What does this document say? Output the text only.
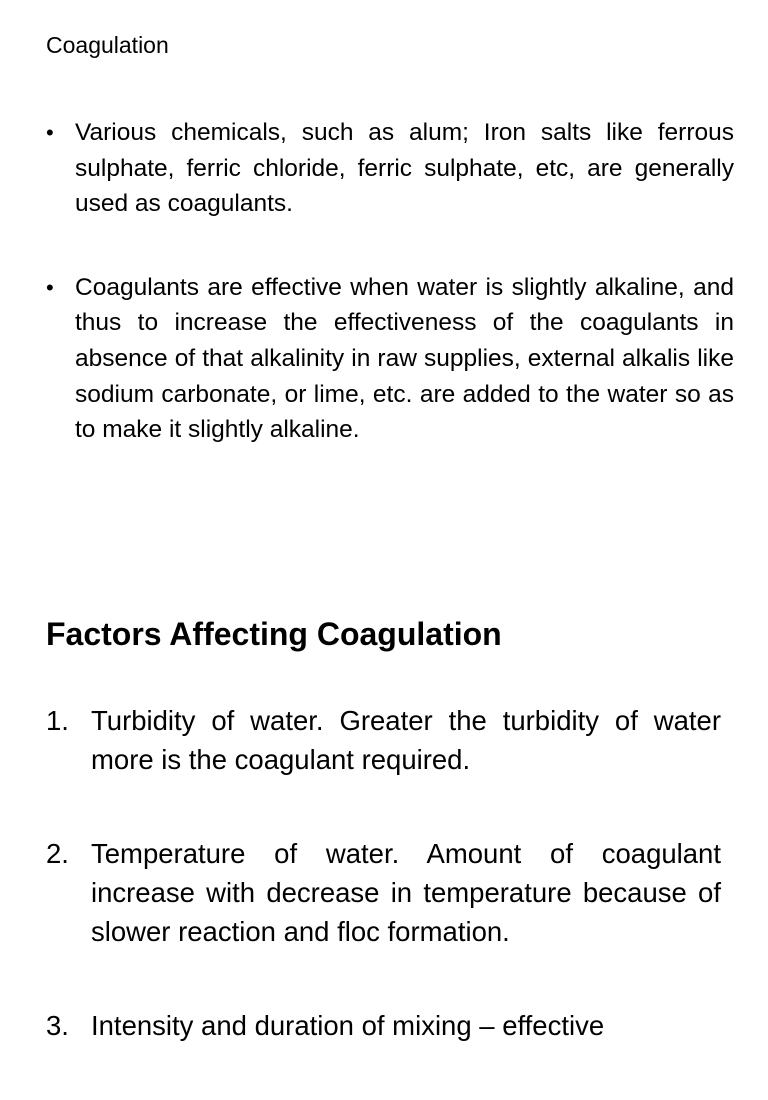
Coagulation
• Various chemicals, such as alum; Iron salts like ferrous sulphate, ferric chloride, ferric sulphate, etc, are generally used as coagulants.
• Coagulants are effective when water is slightly alkaline, and thus to increase the effectiveness of the coagulants in absence of that alkalinity in raw supplies, external alkalis like sodium carbonate, or lime, etc. are added to the water so as to make it slightly alkaline.
Factors Affecting Coagulation
1. Turbidity of water. Greater the turbidity of water more is the coagulant required.
2. Temperature of water. Amount of coagulant increase with decrease in temperature because of slower reaction and floc formation.
3. Intensity and duration of mixing – effective
